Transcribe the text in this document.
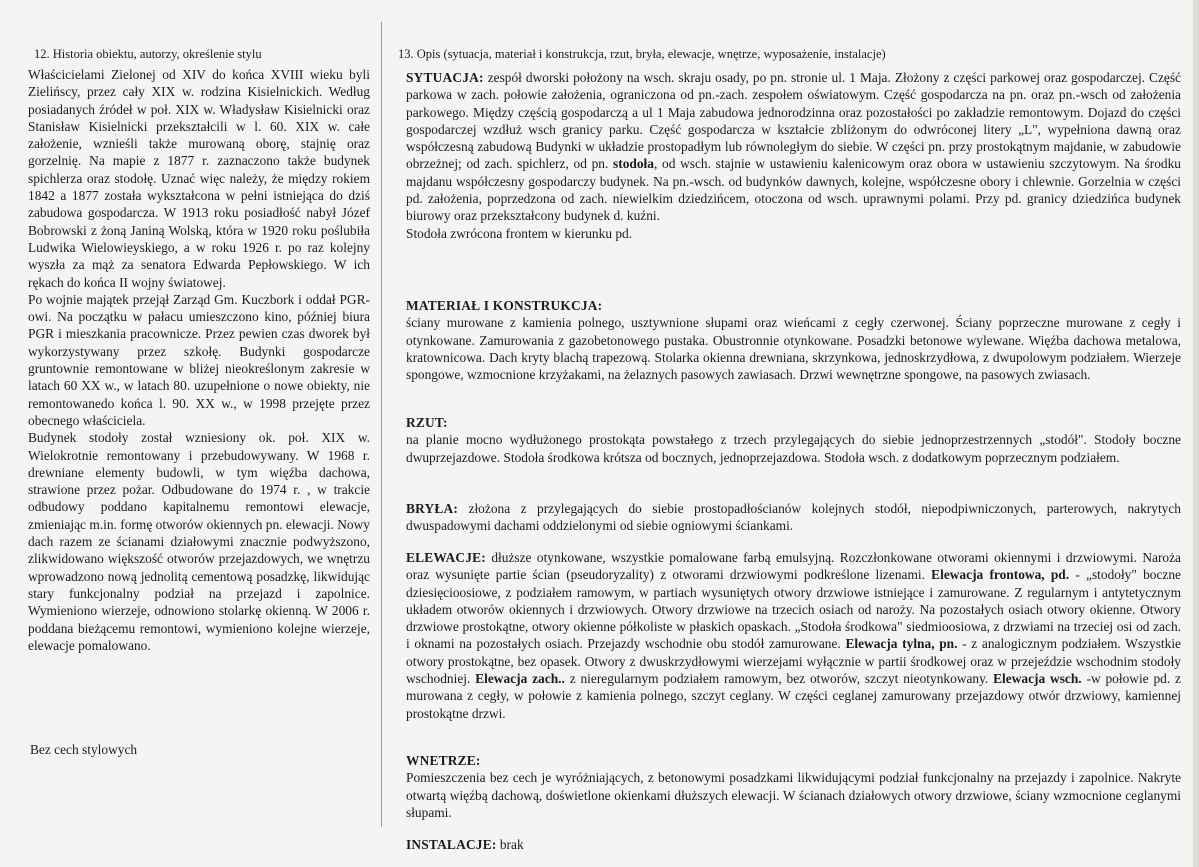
12. Historia obiektu, autorzy, określenie stylu

Właścicielami Zielonej od XIV do końca XVIII wieku byli Zielińscy, przez cały XIX w. rodzina Kisielnickich. Według posiadanych źródeł w poł. XIX w. Władysław Kisielnicki oraz Stanisław Kisielnicki przekształcili w l. 60. XIX w. całe założenie, wznieśli także murowaną oborę, stajnię oraz gorzelnię. Na mapie z 1877 r. zaznaczono także budynek spichlerza oraz stodołę. Uznać więc należy, że między rokiem 1842 a 1877 została wykształcona w pełni istniejąca do dziś zabudowa gospodarcza. W 1913 roku posiadłość nabył Józef Bobrowski z żoną Janiną Wolską, która w 1920 roku poślubiła Ludwika Wielowieyskiego, a w roku 1926 r. po raz kolejny wyszła za mąż za senatora Edwarda Pepłowskiego. W ich rękach do końca II wojny światowej.

Po wojnie majątek przejął Zarząd Gm. Kuczbork i oddał PGR-owi. Na początku w pałacu umieszczono kino, później biura PGR i mieszkania pracownicze. Przez pewien czas dworek był wykorzystywany przez szkołę. Budynki gospodarcze gruntownie remontowane w bliżej nieokreślonym zakresie w latach 60 XX w., w latach 80. uzupełnione o nowe obiekty, nie remontowanedo końca l. 90. XX w., w 1998 przejęte przez obecnego właściciela.

Budynek stodoły został wzniesiony ok. poł. XIX w. Wielokrotnie remontowany i przebudowywany. W 1968 r. drewniane elementy budowli, w tym więźba dachowa, strawione przez pożar. Odbudowane do 1974 r. , w trakcie odbudowy poddano kapitalnemu remontowi elewacje, zmieniając m.in. formę otworów okiennych pn. elewacji. Nowy dach razem ze ścianami działowymi znacznie podwyższono, zlikwidowano większość otworów przejazdowych, we wnętrzu wprowadzono nową jednolitą cementową posadzkę, likwidując stary funkcjonalny podział na przejazd i zapolnice. Wymieniono wierzeje, odnowiono stolarkę okienną. W 2006 r. poddana bieżącemu remontowi, wymieniono kolejne wierzeje, elewacje pomalowano.

Bez cech stylowych
13. Opis (sytuacja, materiał i konstrukcja, rzut, bryła, elewacje, wnętrze, wyposażenie, instalacje)

SYTUACJA: zespół dworski położony na wsch. skraju osady, po pn. stronie ul. 1 Maja. Złożony z części parkowej oraz gospodarczej. Część parkowa w zach. połowie założenia, ograniczona od pn.-zach. zespołem oświatowym. Część gospodarcza na pn. oraz pn.-wsch od założenia parkowego. Między częścią gospodarczą a ul 1 Maja zabudowa jednorodzinna oraz pozostałości po zakładzie remontowym. Dojazd do części gospodarczej wzdłuż wsch granicy parku. Część gospodarcza w kształcie zbliżonym do odwróconej litery „L", wypełniona dawną oraz współczesną zabudową Budynki w układzie prostopadłym lub równoległym do siebie. W części pn. przy prostokątnym majdanie, w zabudowie obrzeżnej; od zach. spichlerz, od pn. stodoła, od wsch. stajnie w ustawieniu kalenicowym oraz obora w ustawieniu szczytowym. Na środku majdanu współczesny gospodarczy budynek. Na pn.-wsch. od budynków dawnych, kolejne, współczesne obory i chlewnie. Gorzelnia w części pd. założenia, poprzedzona od zach. niewielkim dziedzińcem, otoczona od wsch. uprawnymi polami. Przy pd. granicy dziedzińca budynek biurowy oraz przekształcony budynek d. kuźni.

Stodoła zwrócona frontem w kierunku pd.

MATERIAŁ I KONSTRUKCJA:

ściany murowane z kamienia polnego, usztywnione słupami oraz wieńcami z cegły czerwonej. Ściany poprzeczne murowane z cegły i otynkowane. Zamurowania z gazobetonowego pustaka. Obustronnie otynkowane. Posadzki betonowe wylewane. Więźba dachowa metalowa, kratownicowa. Dach kryty blachą trapezową. Stolarka okienna drewniana, skrzynkowa, jednoskrzydłowa, z dwupolowym podziałem. Wierzeje spongowe, wzmocnione krzyżakami, na żelaznych pasowych zawiasach. Drzwi wewnętrzne spongowe, na pasowych zwiasach.

RZUT:

na planie mocno wydłużonego prostokąta powstałego z trzech przylegających do siebie jednoprzestrzennych „stodół". Stodoły boczne dwuprzejazdowe. Stodoła środkowa krótsza od bocznych, jednoprzejazdowa. Stodoła wsch. z dodatkowym poprzecznym podziałem.

BRYŁA: złożona z przylegających do siebie prostopadłościanów kolejnych stodół, niepodpiwniczonych, parterowych, nakrytych dwuspadowymi dachami oddzielonymi od siebie ogniowymi ściankami.

ELEWACJE: dłuższe otynkowane, wszystkie pomalowane farbą emulsyjną. Rozczłonkowane otworami okiennymi i drzwiowymi. Naroża oraz wysunięte partie ścian (pseudoryzality) z otworami drzwiowymi podkreślone lizenami. Elewacja frontowa, pd. - „stodoły" boczne dziesięcioosiowe, z podziałem ramowym, w partiach wysuniętych otwory drzwiowe istniejące i zamurowane. Z regularnym i antytetycznym układem otworów okiennych i drzwiowych. Otwory drzwiowe na trzecich osiach od naroży. Na pozostałych osiach otwory okienne. Otwory drzwiowe prostokątne, otwory okienne półkoliste w płaskich opaskach. „Stodoła środkowa" siedmioosiowa, z drzwiami na trzeciej osi od zach. i oknami na pozostałych osiach. Przejazdy wschodnie obu stodół zamurowane. Elewacja tylna, pn. - z analogicznym podziałem. Wszystkie otwory prostokątne, bez opasek. Otwory z dwuskrzydłowymi wierzejami wyłącznie w partii środkowej oraz w przejeździe wschodnim stodoły wschodniej. Elewacja zach.. z nieregularnym podziałem ramowym, bez otworów, szczyt nieotynkowany. Elewacja wsch. -w połowie pd. z murowana z cegły, w połowie z kamienia polnego, szczyt ceglany. W części ceglanej zamurowany przejazdowy otwór drzwiowy, kamiennej prostokątne drzwi.

WNETRZE:

Pomieszczenia bez cech je wyróżniających, z betonowymi posadzkami likwidującymi podział funkcjonalny na przejazdy i zapolnice. Nakryte otwartą więźbą dachową, doświetlone okienkami dłuższych elewacji. W ścianach działowych otwory drzwiowe, ściany wzmocnione ceglanymi słupami.

INSTALACJE: brak
